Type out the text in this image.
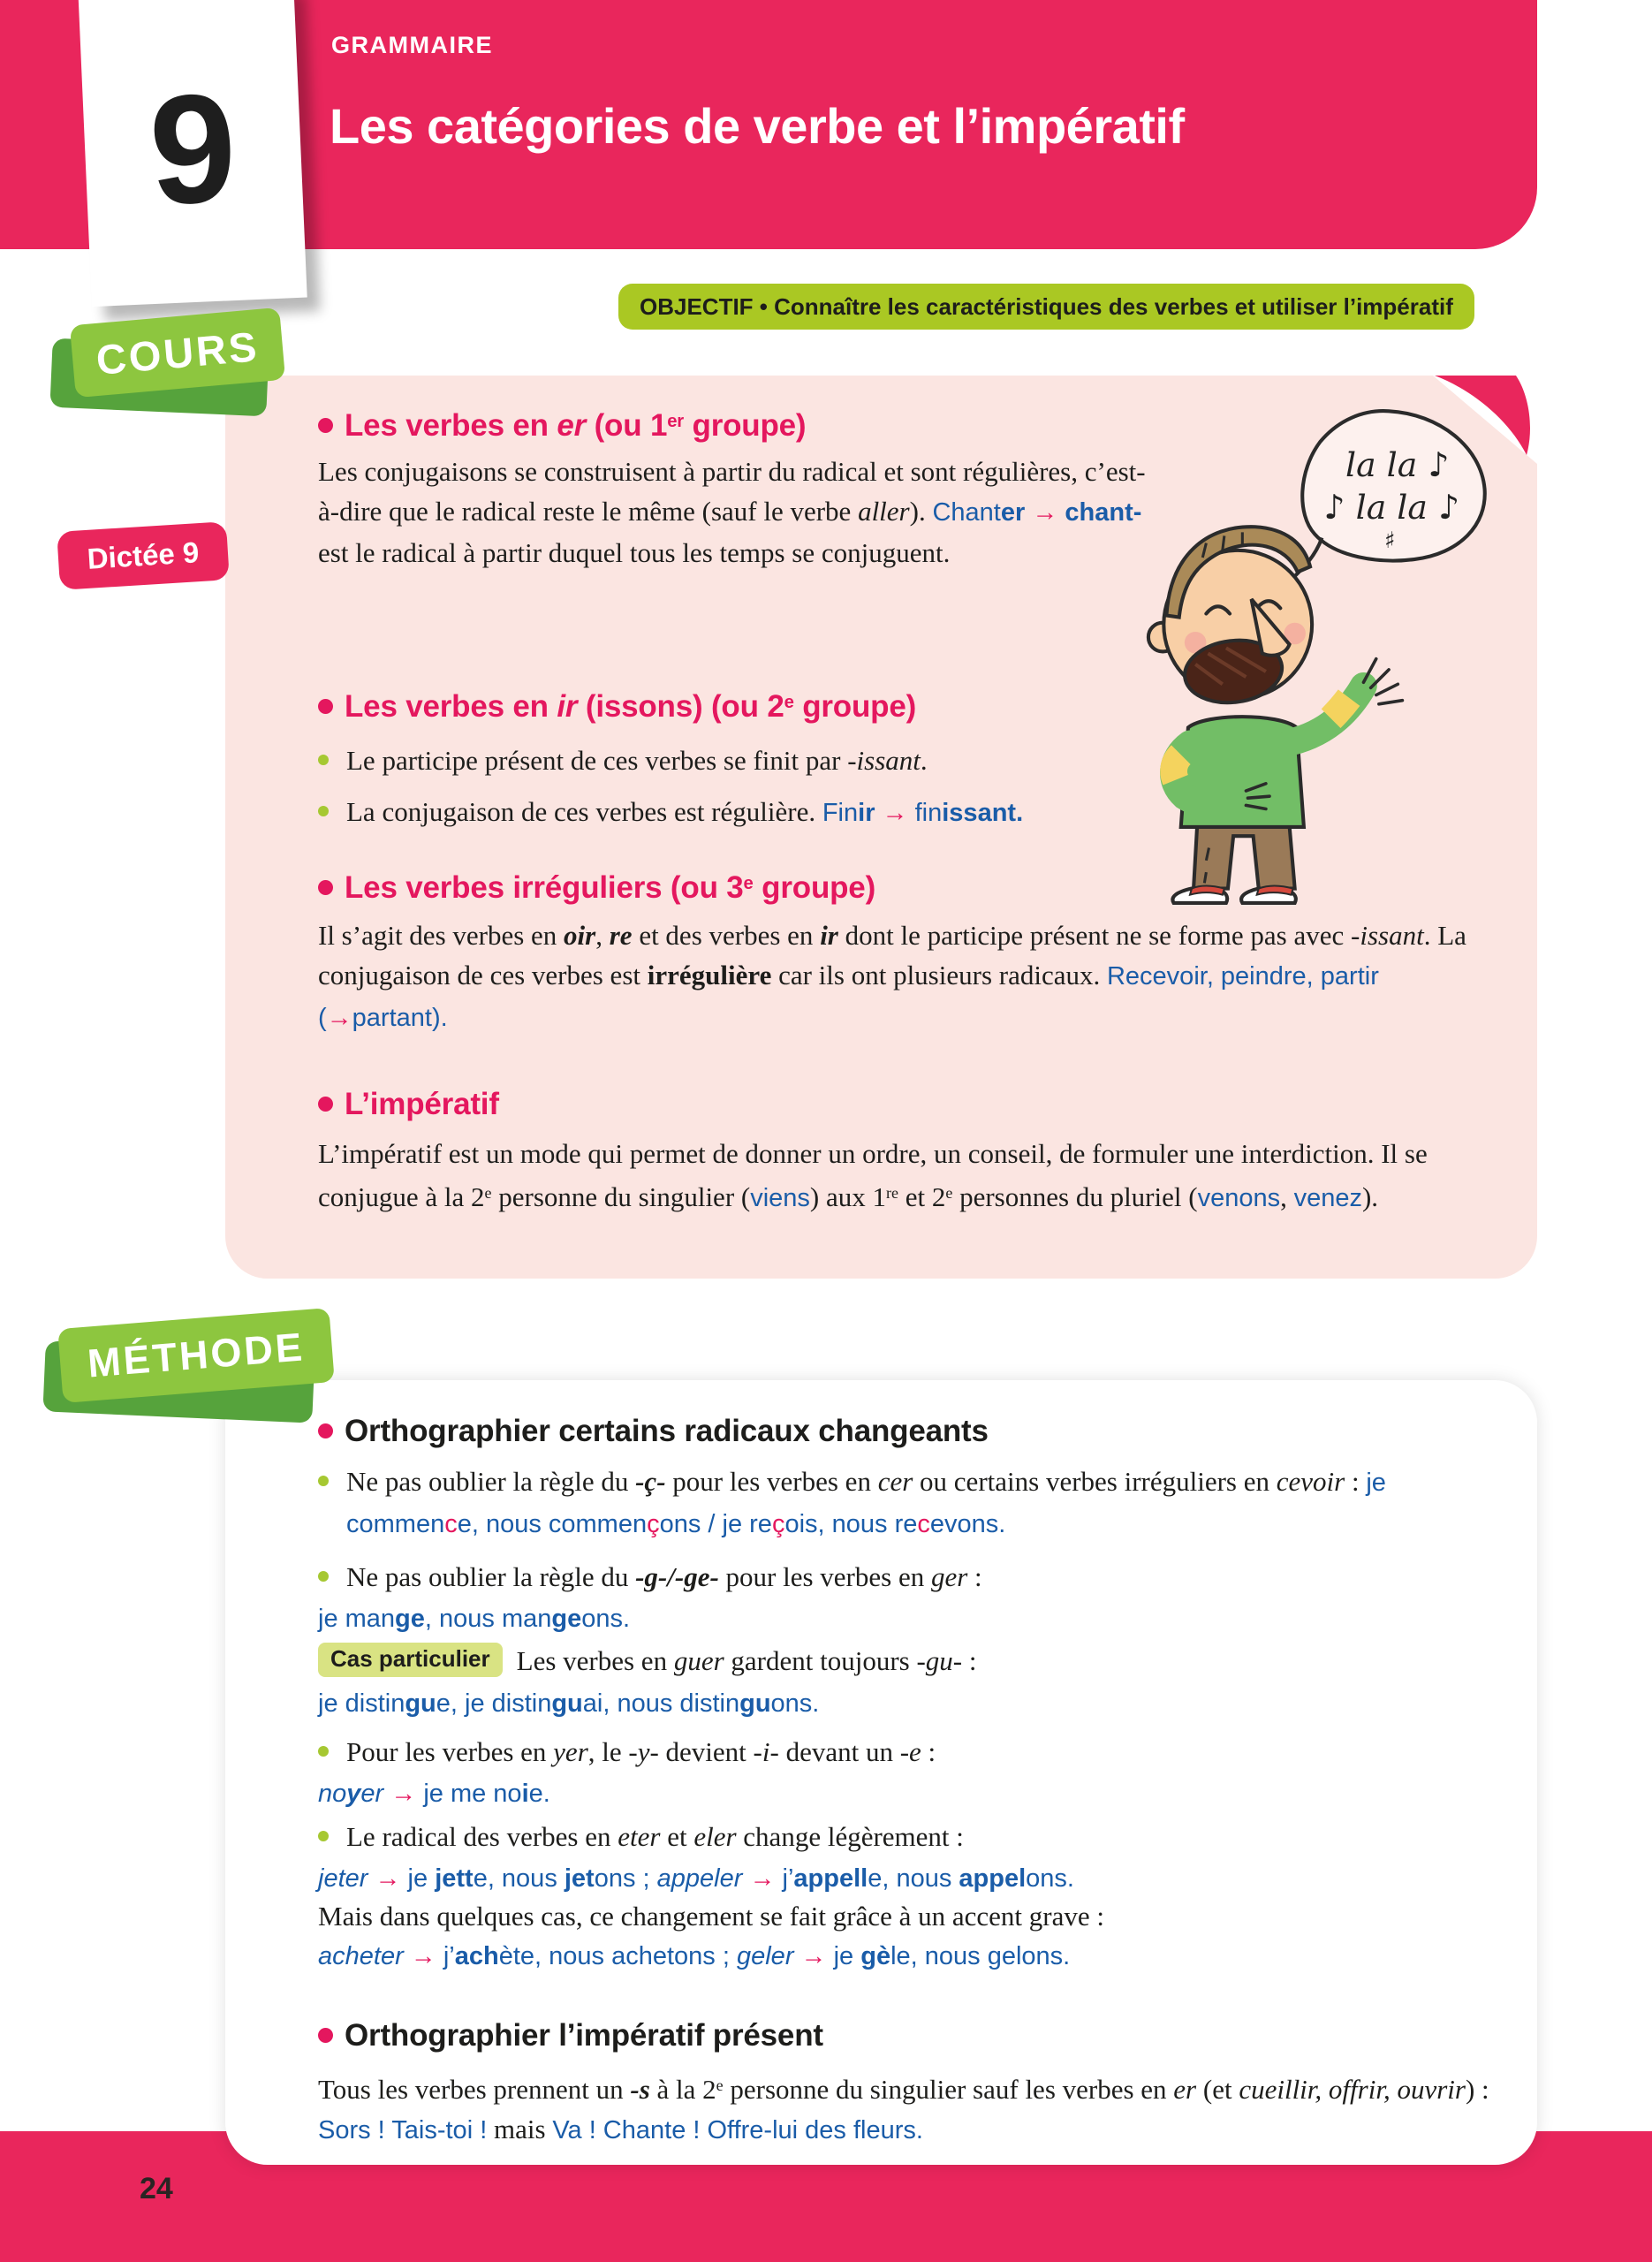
GRAMMAIRE
Les catégories de verbe et l’impératif
9
OBJECTIF • Connaître les caractéristiques des verbes et utiliser l’impératif
COURS
Dictée 9
Les verbes en er (ou 1er groupe)
Les conjugaisons se construisent à partir du radical et sont régulières, c’est-à-dire que le radical reste le même (sauf le verbe aller). Chanter → chant- est le radical à partir duquel tous les temps se conjuguent.
Les verbes en ir (issons) (ou 2e groupe)
Le participe présent de ces verbes se finit par -issant.
La conjugaison de ces verbes est régulière. Finir → finissant.
Les verbes irréguliers (ou 3e groupe)
Il s’agit des verbes en oir, re et des verbes en ir dont le participe présent ne se forme pas avec -issant. La conjugaison de ces verbes est irrégulière car ils ont plusieurs radicaux. Recevoir, peindre, partir (→partant).
L’impératif
L’impératif est un mode qui permet de donner un ordre, un conseil, de formuler une interdiction. Il se conjugue à la 2e personne du singulier (viens) aux 1re et 2e personnes du pluriel (venons, venez).
la la ♪
♪ la la ♪
♯
MÉTHODE
Orthographier certains radicaux changeants
Ne pas oublier la règle du -ç- pour les verbes en cer ou certains verbes irréguliers en cevoir : je commence, nous commençons / je reçois, nous recevons.
Ne pas oublier la règle du -g-/-ge- pour les verbes en ger :
je mange, nous mangeons.
Cas particulier Les verbes en guer gardent toujours -gu- :
je distingue, je distinguai, nous distinguons.
Pour les verbes en yer, le -y- devient -i- devant un -e :
noyer → je me noie.
Le radical des verbes en eter et eler change légèrement :
jeter → je jette, nous jetons ; appeler → j’appelle, nous appelons.
Mais dans quelques cas, ce changement se fait grâce à un accent grave :
acheter → j’achète, nous achetons ; geler → je gèle, nous gelons.
Orthographier l’impératif présent
Tous les verbes prennent un -s à la 2e personne du singulier sauf les verbes en er (et cueillir, offrir, ouvrir) : Sors ! Tais-toi ! mais Va ! Chante ! Offre-lui des fleurs.
24
